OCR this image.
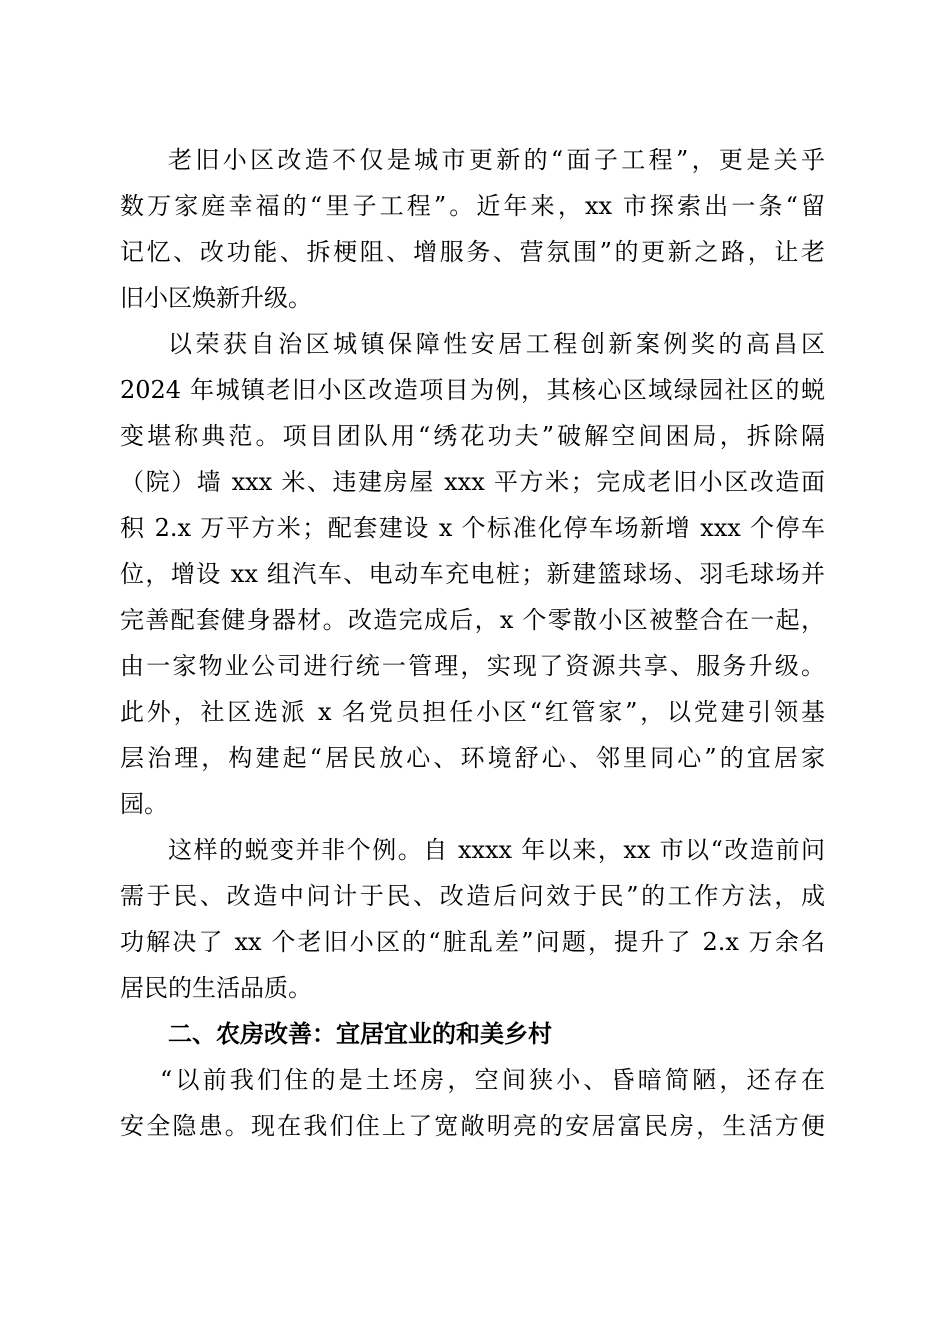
老旧小区改造不仅是城市更新的“面子工程”，更是关乎
数万家庭幸福的“里子工程”。近年来，xx 市探索出一条“留
记忆、改功能、拆梗阻、增服务、营氛围”的更新之路，让老
旧小区焕新升级。
以荣获自治区城镇保障性安居工程创新案例奖的高昌区
2024 年城镇老旧小区改造项目为例，其核心区域绿园社区的蜕
变堪称典范。项目团队用“绣花功夫”破解空间困局，拆除隔
（院）墙 xxx 米、违建房屋 xxx 平方米；完成老旧小区改造面
积 2.x 万平方米；配套建设 x 个标准化停车场新增 xxx 个停车
位，增设 xx 组汽车、电动车充电桩；新建篮球场、羽毛球场并
完善配套健身器材。改造完成后，x 个零散小区被整合在一起，
由一家物业公司进行统一管理，实现了资源共享、服务升级。
此外，社区选派 x 名党员担任小区“红管家”，以党建引领基
层治理，构建起“居民放心、环境舒心、邻里同心”的宜居家
园。
这样的蜕变并非个例。自 xxxx 年以来，xx 市以“改造前问
需于民、改造中问计于民、改造后问效于民”的工作方法，成
功解决了 xx 个老旧小区的“脏乱差”问题，提升了 2.x 万余名
居民的生活品质。
二、农房改善：宜居宜业的和美乡村
“以前我们住的是土坯房，空间狭小、昏暗简陋，还存在
安全隐患。现在我们住上了宽敞明亮的安居富民房，生活方便
